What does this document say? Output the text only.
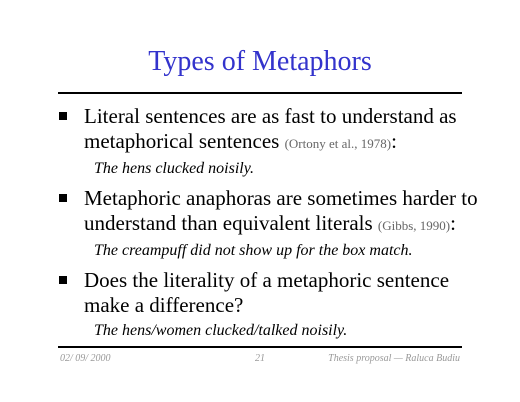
Types of Metaphors
Literal sentences are as fast to understand as metaphorical sentences (Ortony et al., 1978):
The hens clucked noisily.
Metaphoric anaphoras are sometimes harder to understand than equivalent literals (Gibbs, 1990):
The creampuff did not show up for the box match.
Does the literality of a metaphoric sentence make a difference?
The hens/women clucked/talked noisily.
02/ 09/ 2000	21	Thesis proposal — Raluca Budiu
